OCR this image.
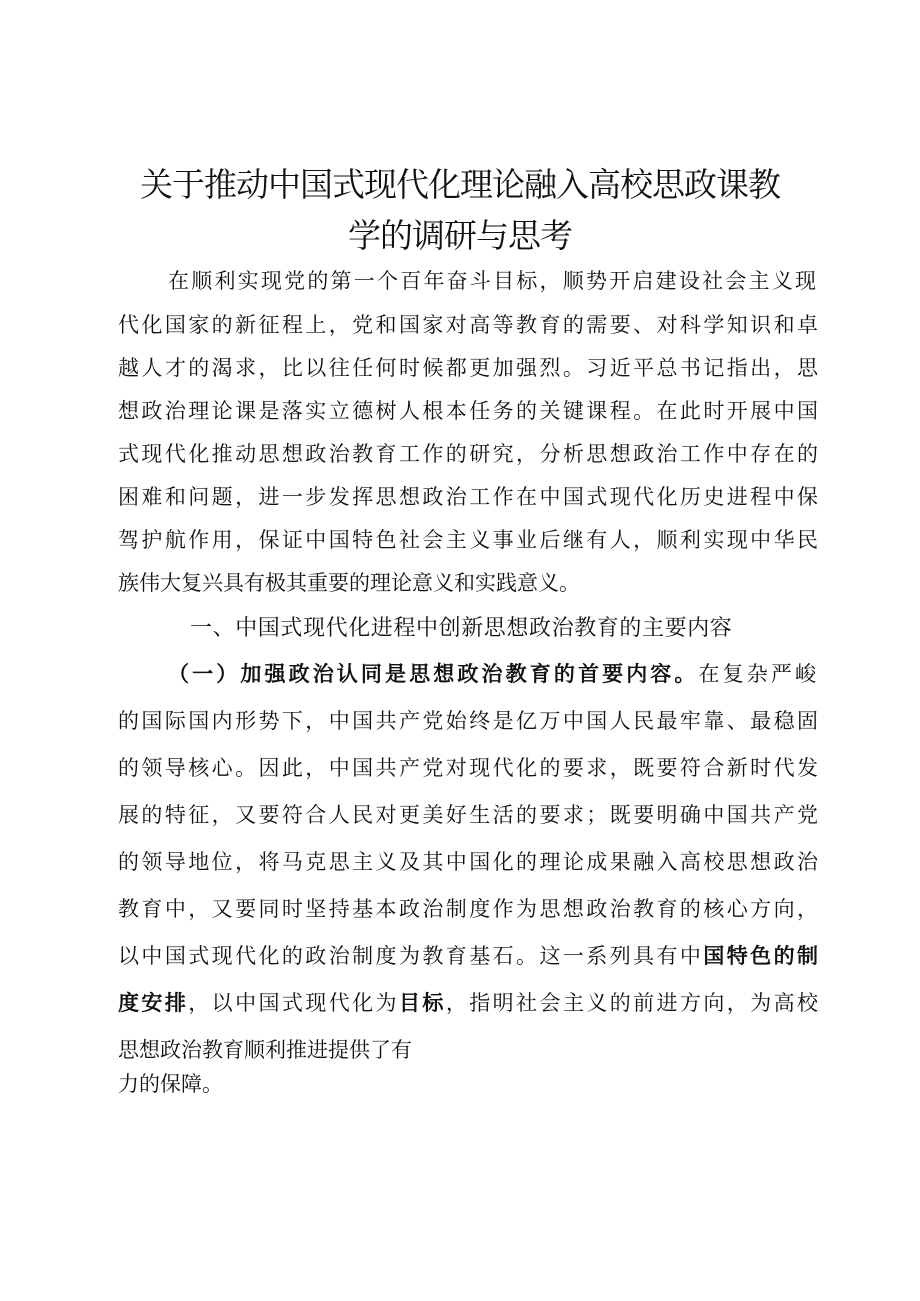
关于推动中国式现代化理论融入高校思政课教
学的调研与思考
在顺利实现党的第一个百年奋斗目标，顺势开启建设社会主义现
代化国家的新征程上，党和国家对高等教育的需要、对科学知识和卓
越人才的渴求，比以往任何时候都更加强烈。习近平总书记指出，思
想政治理论课是落实立德树人根本任务的关键课程。在此时开展中国
式现代化推动思想政治教育工作的研究，分析思想政治工作中存在的
困难和问题，进一步发挥思想政治工作在中国式现代化历史进程中保
驾护航作用，保证中国特色社会主义事业后继有人，顺利实现中华民
族伟大复兴具有极其重要的理论意义和实践意义。
一、中国式现代化进程中创新思想政治教育的主要内容
（一）加强政治认同是思想政治教育的首要内容。在复杂严峻
的国际国内形势下，中国共产党始终是亿万中国人民最牢靠、最稳固
的领导核心。因此，中国共产党对现代化的要求，既要符合新时代发
展的特征，又要符合人民对更美好生活的要求；既要明确中国共产党
的领导地位，将马克思主义及其中国化的理论成果融入高校思想政治
教育中，又要同时坚持基本政治制度作为思想政治教育的核心方向，
以中国式现代化的政治制度为教育基石。这一系列具有中国特色的制
度安排，以中国式现代化为目标，指明社会主义的前进方向，为高校
思想政治教育顺利推进提供了有
力的保障。
